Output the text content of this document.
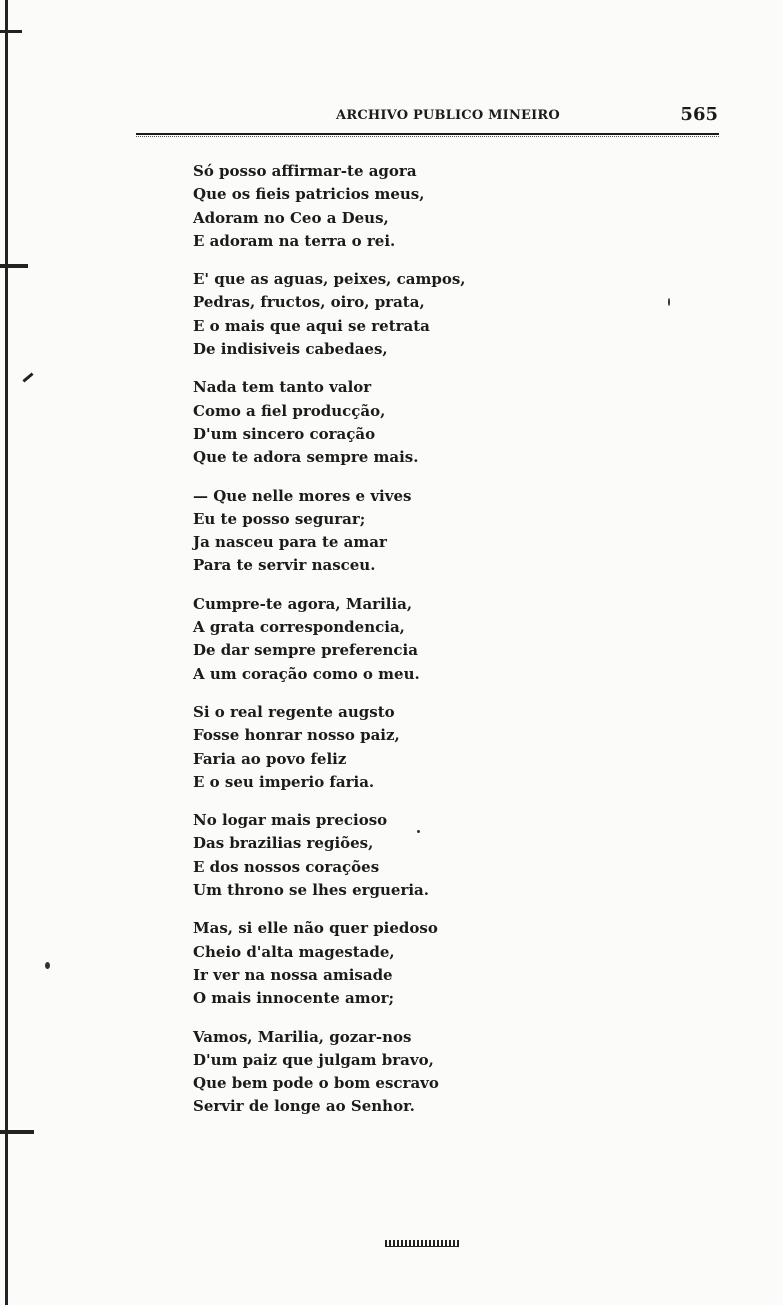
ARCHIVO PUBLICO MINEIRO	565
Só posso affirmar-te agora
Que os fieis patricios meus,
Adoram no Ceo a Deus,
E adoram na terra o rei.
E' que as aguas, peixes, campos,
Pedras, fructos, oiro, prata,
E o mais que aqui se retrata
De indisiveis cabedaes,
Nada tem tanto valor
Como a fiel producção,
D'um sincero coração
Que te adora sempre mais.
— Que nelle mores e vives
Eu te posso segurar;
Ja nasceu para te amar
Para te servir nasceu.
Cumpre-te agora, Marilia,
A grata correspondencia,
De dar sempre preferencia
A um coração como o meu.
Si o real regente augsto
Fosse honrar nosso paiz,
Faria ao povo feliz
E o seu imperio faria.
No logar mais precioso
Das brazilias regiões,
E dos nossos corações
Um throno se lhes ergueria.
Mas, si elle não quer piedoso
Cheio d'alta magestade,
Ir ver na nossa amisade
O mais innocente amor;
Vamos, Marilia, gozar-nos
D'um paiz que julgam bravo,
Que bem pode o bom escravo
Servir de longe ao Senhor.
